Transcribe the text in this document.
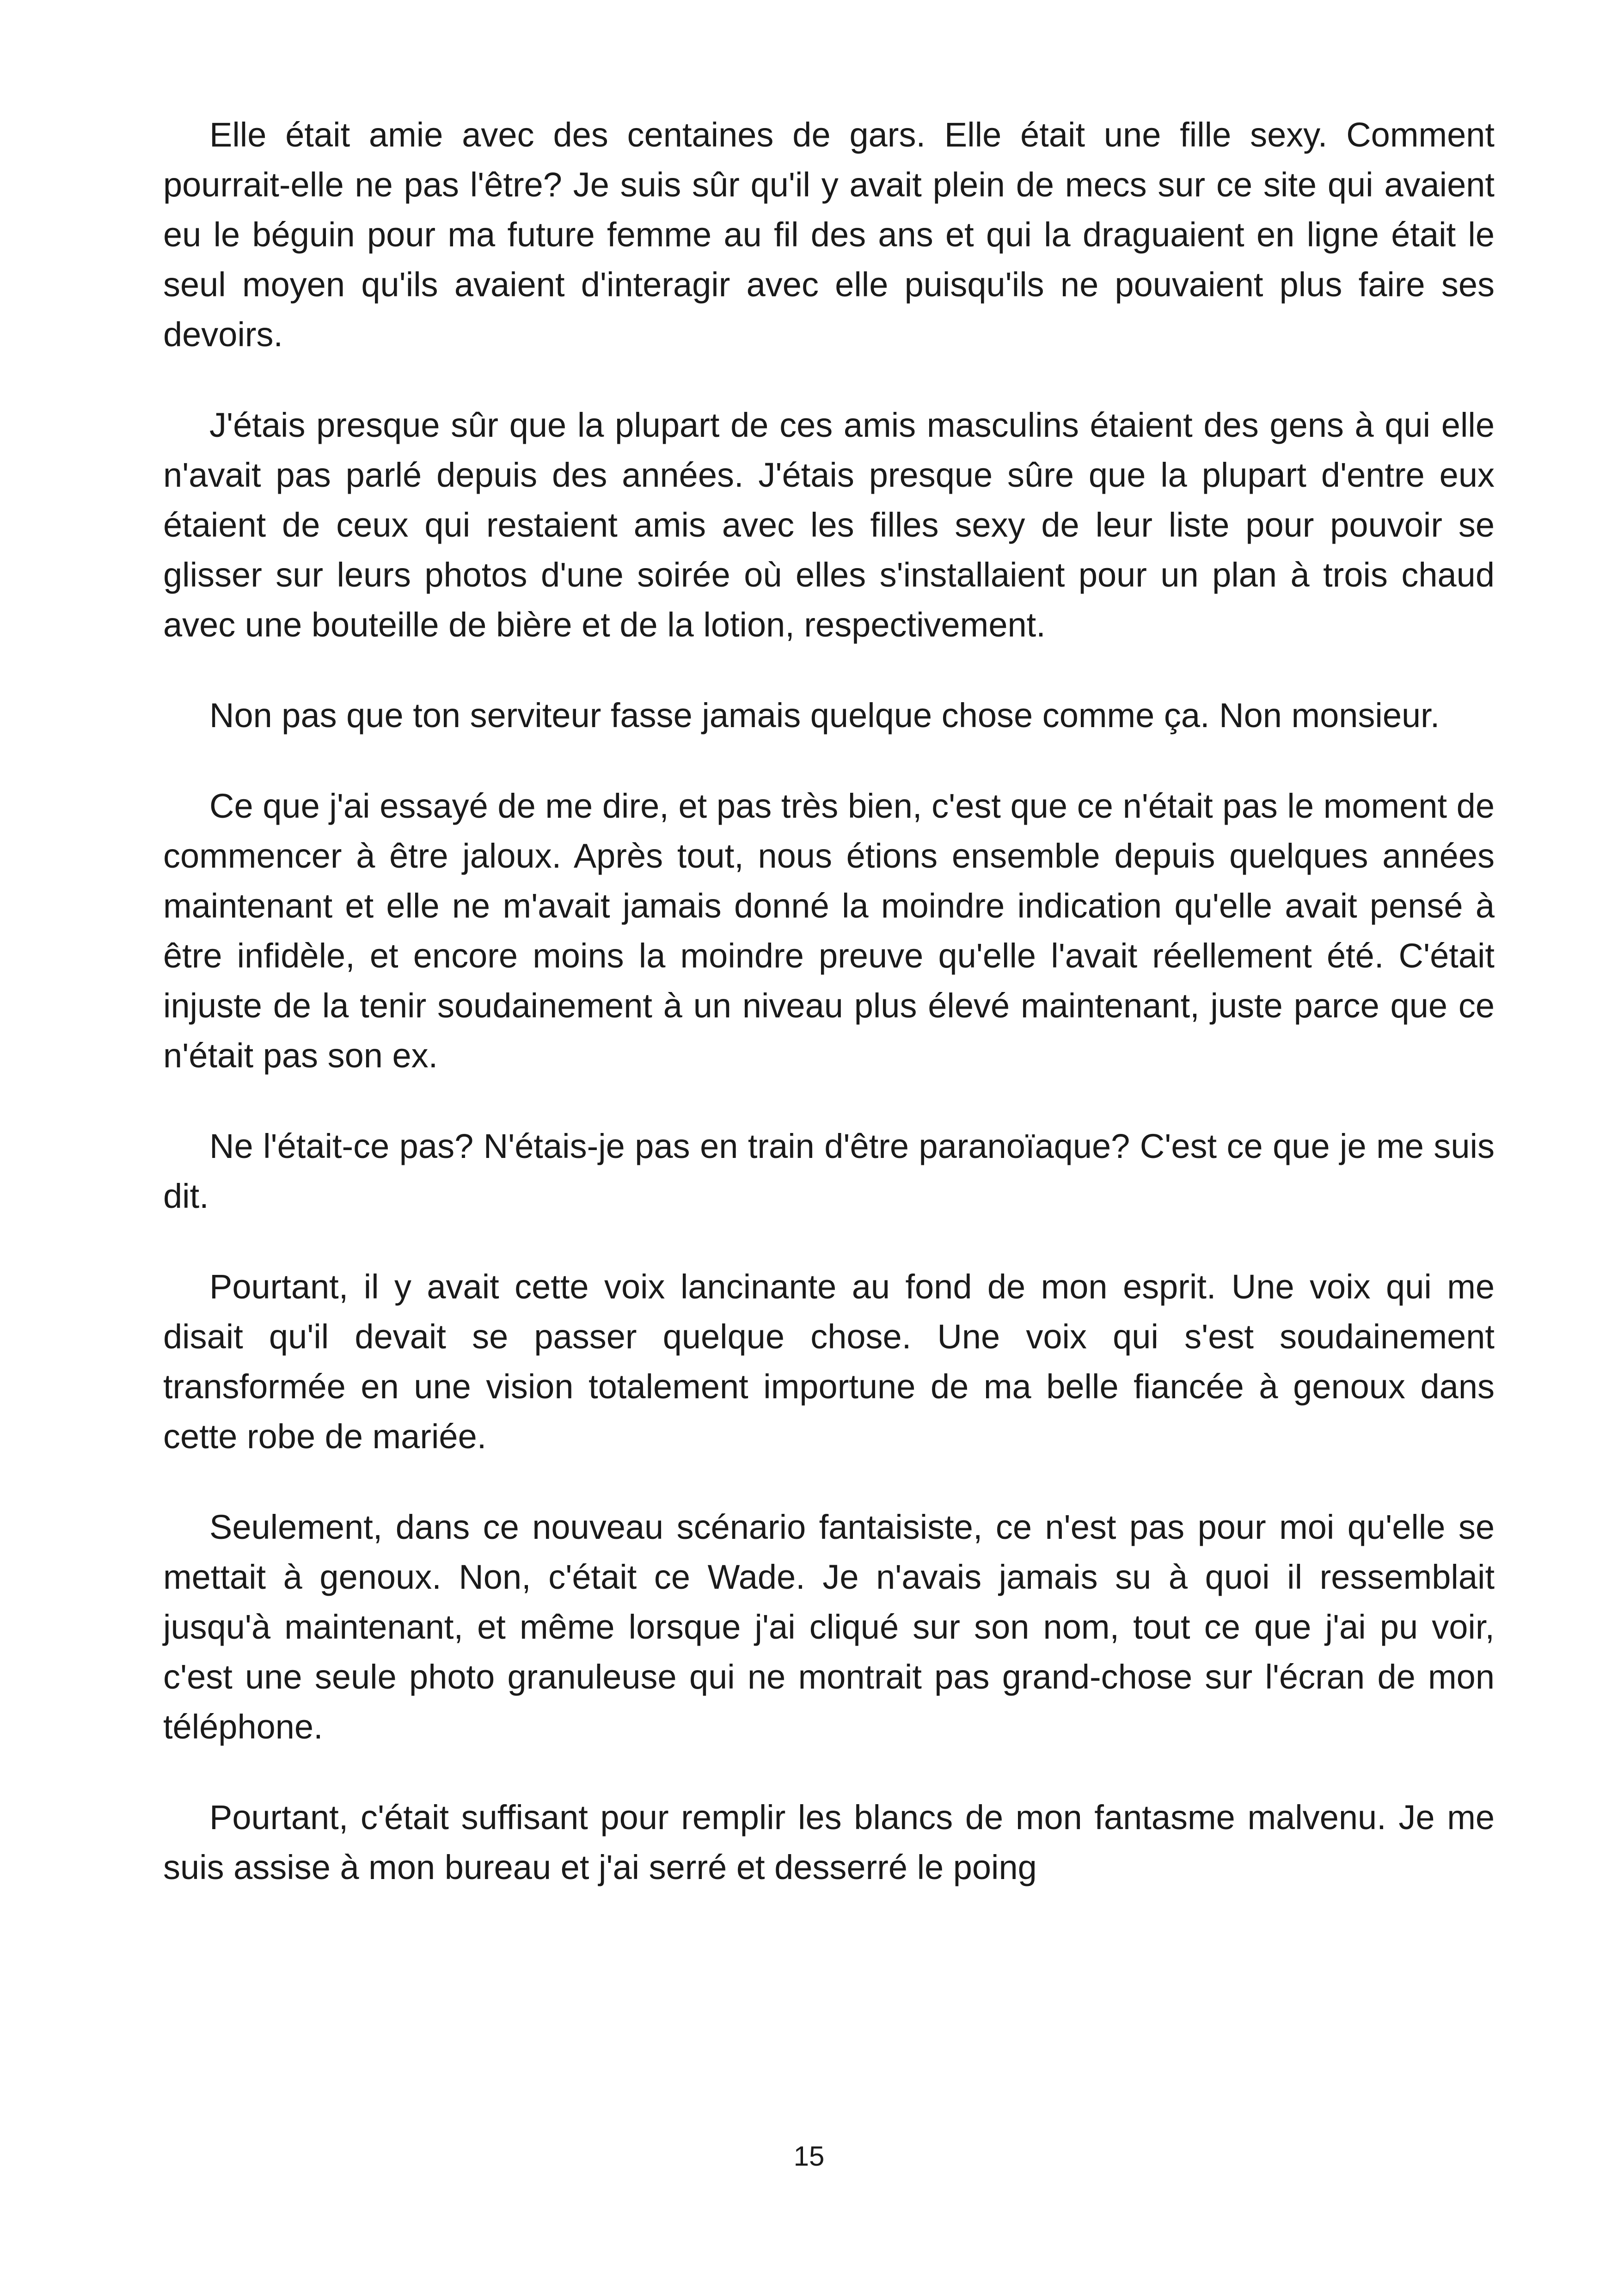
Elle était amie avec des centaines de gars. Elle était une fille sexy. Comment pourrait-elle ne pas l'être? Je suis sûr qu'il y avait plein de mecs sur ce site qui avaient eu le béguin pour ma future femme au fil des ans et qui la draguaient en ligne était le seul moyen qu'ils avaient d'interagir avec elle puisqu'ils ne pouvaient plus faire ses devoirs.

J'étais presque sûr que la plupart de ces amis masculins étaient des gens à qui elle n'avait pas parlé depuis des années. J'étais presque sûre que la plupart d'entre eux étaient de ceux qui restaient amis avec les filles sexy de leur liste pour pouvoir se glisser sur leurs photos d'une soirée où elles s'installaient pour un plan à trois chaud avec une bouteille de bière et de la lotion, respectivement.

Non pas que ton serviteur fasse jamais quelque chose comme ça. Non monsieur.

Ce que j'ai essayé de me dire, et pas très bien, c'est que ce n'était pas le moment de commencer à être jaloux. Après tout, nous étions ensemble depuis quelques années maintenant et elle ne m'avait jamais donné la moindre indication qu'elle avait pensé à être infidèle, et encore moins la moindre preuve qu'elle l'avait réellement été. C'était injuste de la tenir soudainement à un niveau plus élevé maintenant, juste parce que ce n'était pas son ex.

Ne l'était-ce pas? N'étais-je pas en train d'être paranoïaque? C'est ce que je me suis dit.

Pourtant, il y avait cette voix lancinante au fond de mon esprit. Une voix qui me disait qu'il devait se passer quelque chose. Une voix qui s'est soudainement transformée en une vision totalement importune de ma belle fiancée à genoux dans cette robe de mariée.

Seulement, dans ce nouveau scénario fantaisiste, ce n'est pas pour moi qu'elle se mettait à genoux. Non, c'était ce Wade. Je n'avais jamais su à quoi il ressemblait jusqu'à maintenant, et même lorsque j'ai cliqué sur son nom, tout ce que j'ai pu voir, c'est une seule photo granuleuse qui ne montrait pas grand-chose sur l'écran de mon téléphone.

Pourtant, c'était suffisant pour remplir les blancs de mon fantasme malvenu. Je me suis assise à mon bureau et j'ai serré et desserré le poing

15
